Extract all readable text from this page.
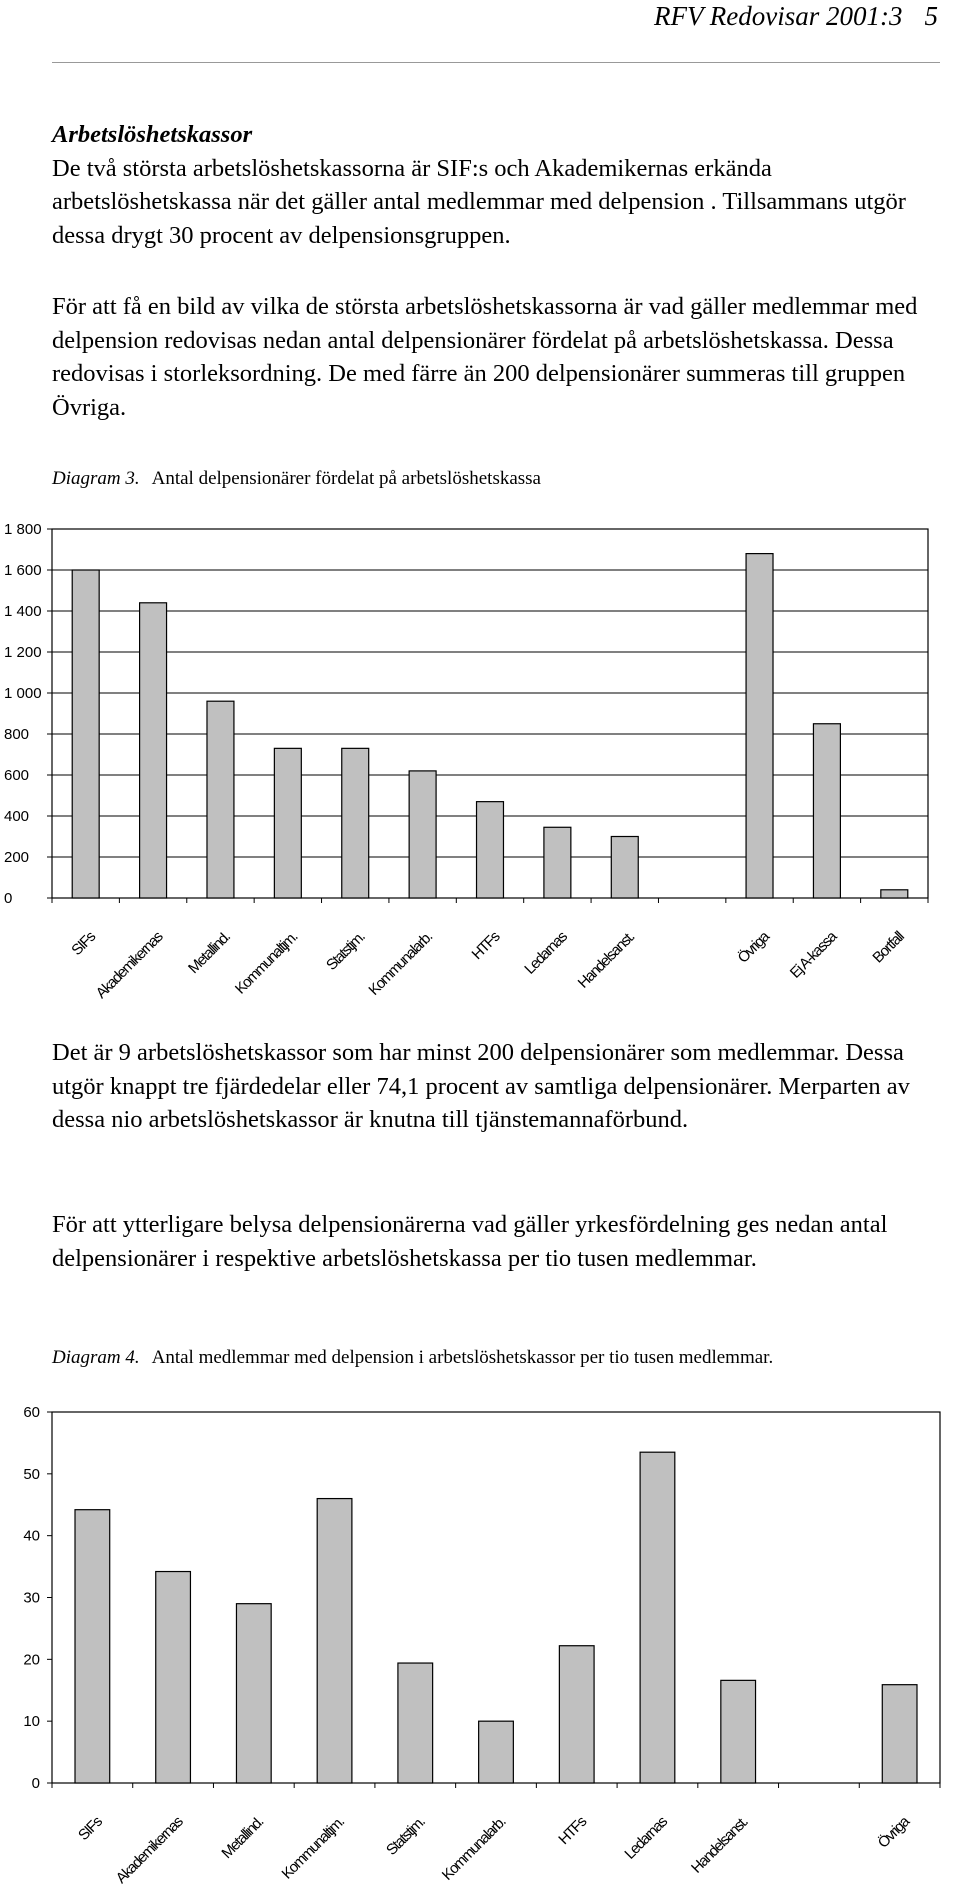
RFV Redovisar 2001:3 5
Arbetslöshetskassor
De två största arbetslöshetskassorna är SIF:s och Akademikernas erkända arbetslöshetskassa när det gäller antal medlemmar med delpension . Tillsammans utgör dessa drygt 30 procent av delpensionsgruppen.
För att få en bild av vilka de största arbetslöshetskassorna är vad gäller medlemmar med delpension redovisas nedan antal delpensionärer fördelat på arbetslöshetskassa. Dessa redovisas i storleksordning. De med färre än 200 delpensionärer summeras till gruppen Övriga.
Diagram 3. Antal delpensionärer fördelat på arbetslöshetskassa
0
200
400
600
800
1 000
1 200
1 400
1 600
1 800
SIFs
Akademikernas Metallind.
Kommunaltjm. Statstjm.
Kommunalarb. HTFs Ledarnas Handelsanst.	Övriga Ej A-kassa Bortfall
Det är 9 arbetslöshetskassor som har minst 200 delpensionärer som medlemmar. Dessa utgör knappt tre fjärdedelar eller 74,1 procent av samtliga delpensionärer. Merparten av dessa nio arbetslöshetskassor är knutna till tjänstemannaförbund.
För att ytterligare belysa delpensionärerna vad gäller yrkesfördelning ges nedan antal delpensionärer i respektive arbetslöshetskassa per tio tusen medlemmar.
Diagram 4. Antal medlemmar med delpension i arbetslöshetskassor per tio tusen medlemmar.
0
10
20
30
40
50
60
SIFs Akademikernas Metallind. Kommunaltjm. Statstjm. Kommunalarb.	HTFs Ledarnas Handelsanst.	Övriga
